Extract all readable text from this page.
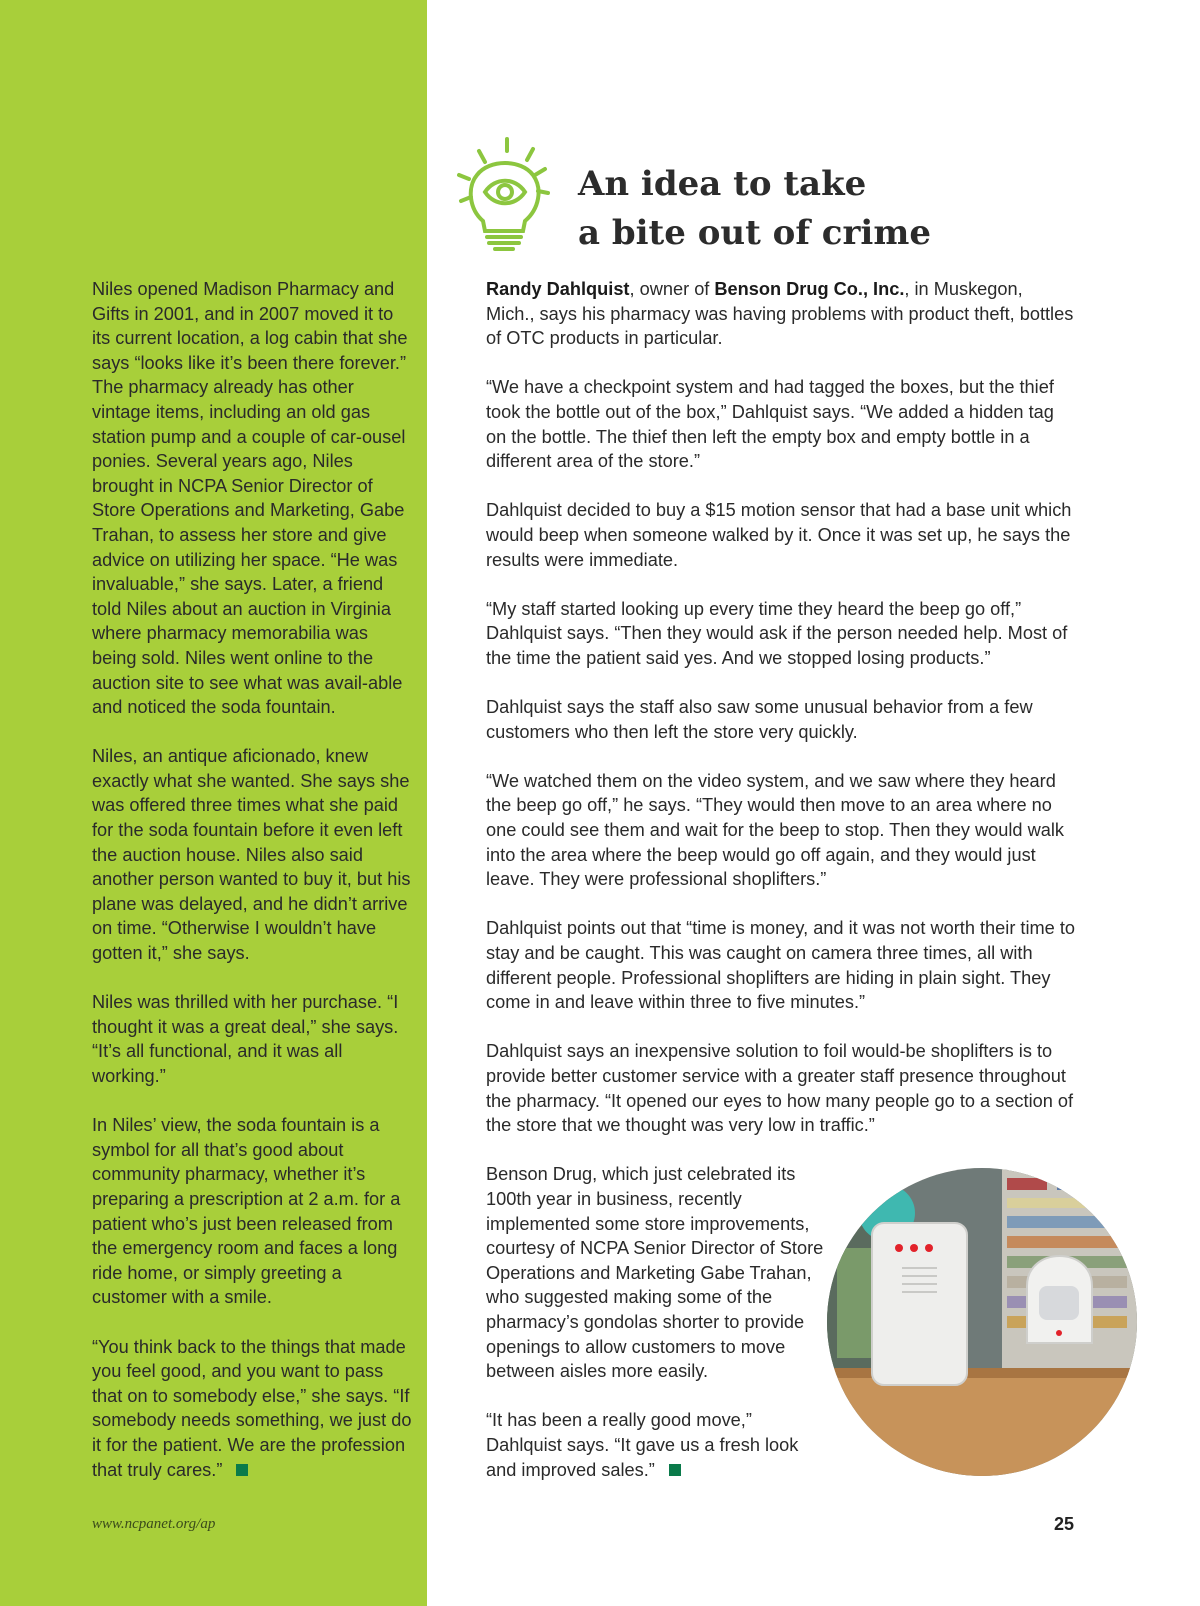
Niles opened Madison Pharmacy and Gifts in 2001, and in 2007 moved it to its current location, a log cabin that she says “looks like it’s been there forever.” The pharmacy already has other vintage items, including an old gas station pump and a couple of car-ousel ponies. Several years ago, Niles brought in NCPA Senior Director of Store Operations and Marketing, Gabe Trahan, to assess her store and give advice on utilizing her space. “He was invaluable,” she says. Later, a friend told Niles about an auction in Virginia where pharmacy memorabilia was being sold. Niles went online to the auction site to see what was avail-able and noticed the soda fountain.

Niles, an antique aficionado, knew exactly what she wanted. She says she was offered three times what she paid for the soda fountain before it even left the auction house. Niles also said another person wanted to buy it, but his plane was delayed, and he didn’t arrive on time. “Otherwise I wouldn’t have gotten it,” she says.

Niles was thrilled with her purchase. “I thought it was a great deal,” she says. “It’s all functional, and it was all working.”

In Niles’ view, the soda fountain is a symbol for all that’s good about community pharmacy, whether it’s preparing a prescription at 2 a.m. for a patient who’s just been released from the emergency room and faces a long ride home, or simply greeting a customer with a smile.

“You think back to the things that made you feel good, and you want to pass that on to somebody else,” she says. “If somebody needs something, we just do it for the patient. We are the profession that truly cares.”

An idea to take
a bite out of crime

Randy Dahlquist, owner of Benson Drug Co., Inc., in Muskegon, Mich., says his pharmacy was having problems with product theft, bottles of OTC products in particular.

“We have a checkpoint system and had tagged the boxes, but the thief took the bottle out of the box,” Dahlquist says. “We added a hidden tag on the bottle. The thief then left the empty box and empty bottle in a different area of the store.”

Dahlquist decided to buy a $15 motion sensor that had a base unit which would beep when someone walked by it. Once it was set up, he says the results were immediate.

“My staff started looking up every time they heard the beep go off,” Dahlquist says. “Then they would ask if the person needed help. Most of the time the patient said yes. And we stopped losing products.”

Dahlquist says the staff also saw some unusual behavior from a few customers who then left the store very quickly.

“We watched them on the video system, and we saw where they heard the beep go off,” he says. “They would then move to an area where no one could see them and wait for the beep to stop. Then they would walk into the area where the beep would go off again, and they would just leave. They were professional shoplifters.”

Dahlquist points out that “time is money, and it was not worth their time to stay and be caught. This was caught on camera three times, all with different people. Professional shoplifters are hiding in plain sight. They come in and leave within three to five minutes.”

Dahlquist says an inexpensive solution to foil would-be shoplifters is to provide better customer service with a greater staff presence throughout the pharmacy. “It opened our eyes to how many people go to a section of the store that we thought was very low in traffic.”

Benson Drug, which just celebrated its 100th year in business, recently implemented some store improvements, courtesy of NCPA Senior Director of Store Operations and Marketing Gabe Trahan, who suggested making some of the pharmacy’s gondolas shorter to provide openings to allow customers to move between aisles more easily.

“It has been a really good move,” Dahlquist says. “It gave us a fresh look and improved sales.”

www.ncpanet.org/ap	25
